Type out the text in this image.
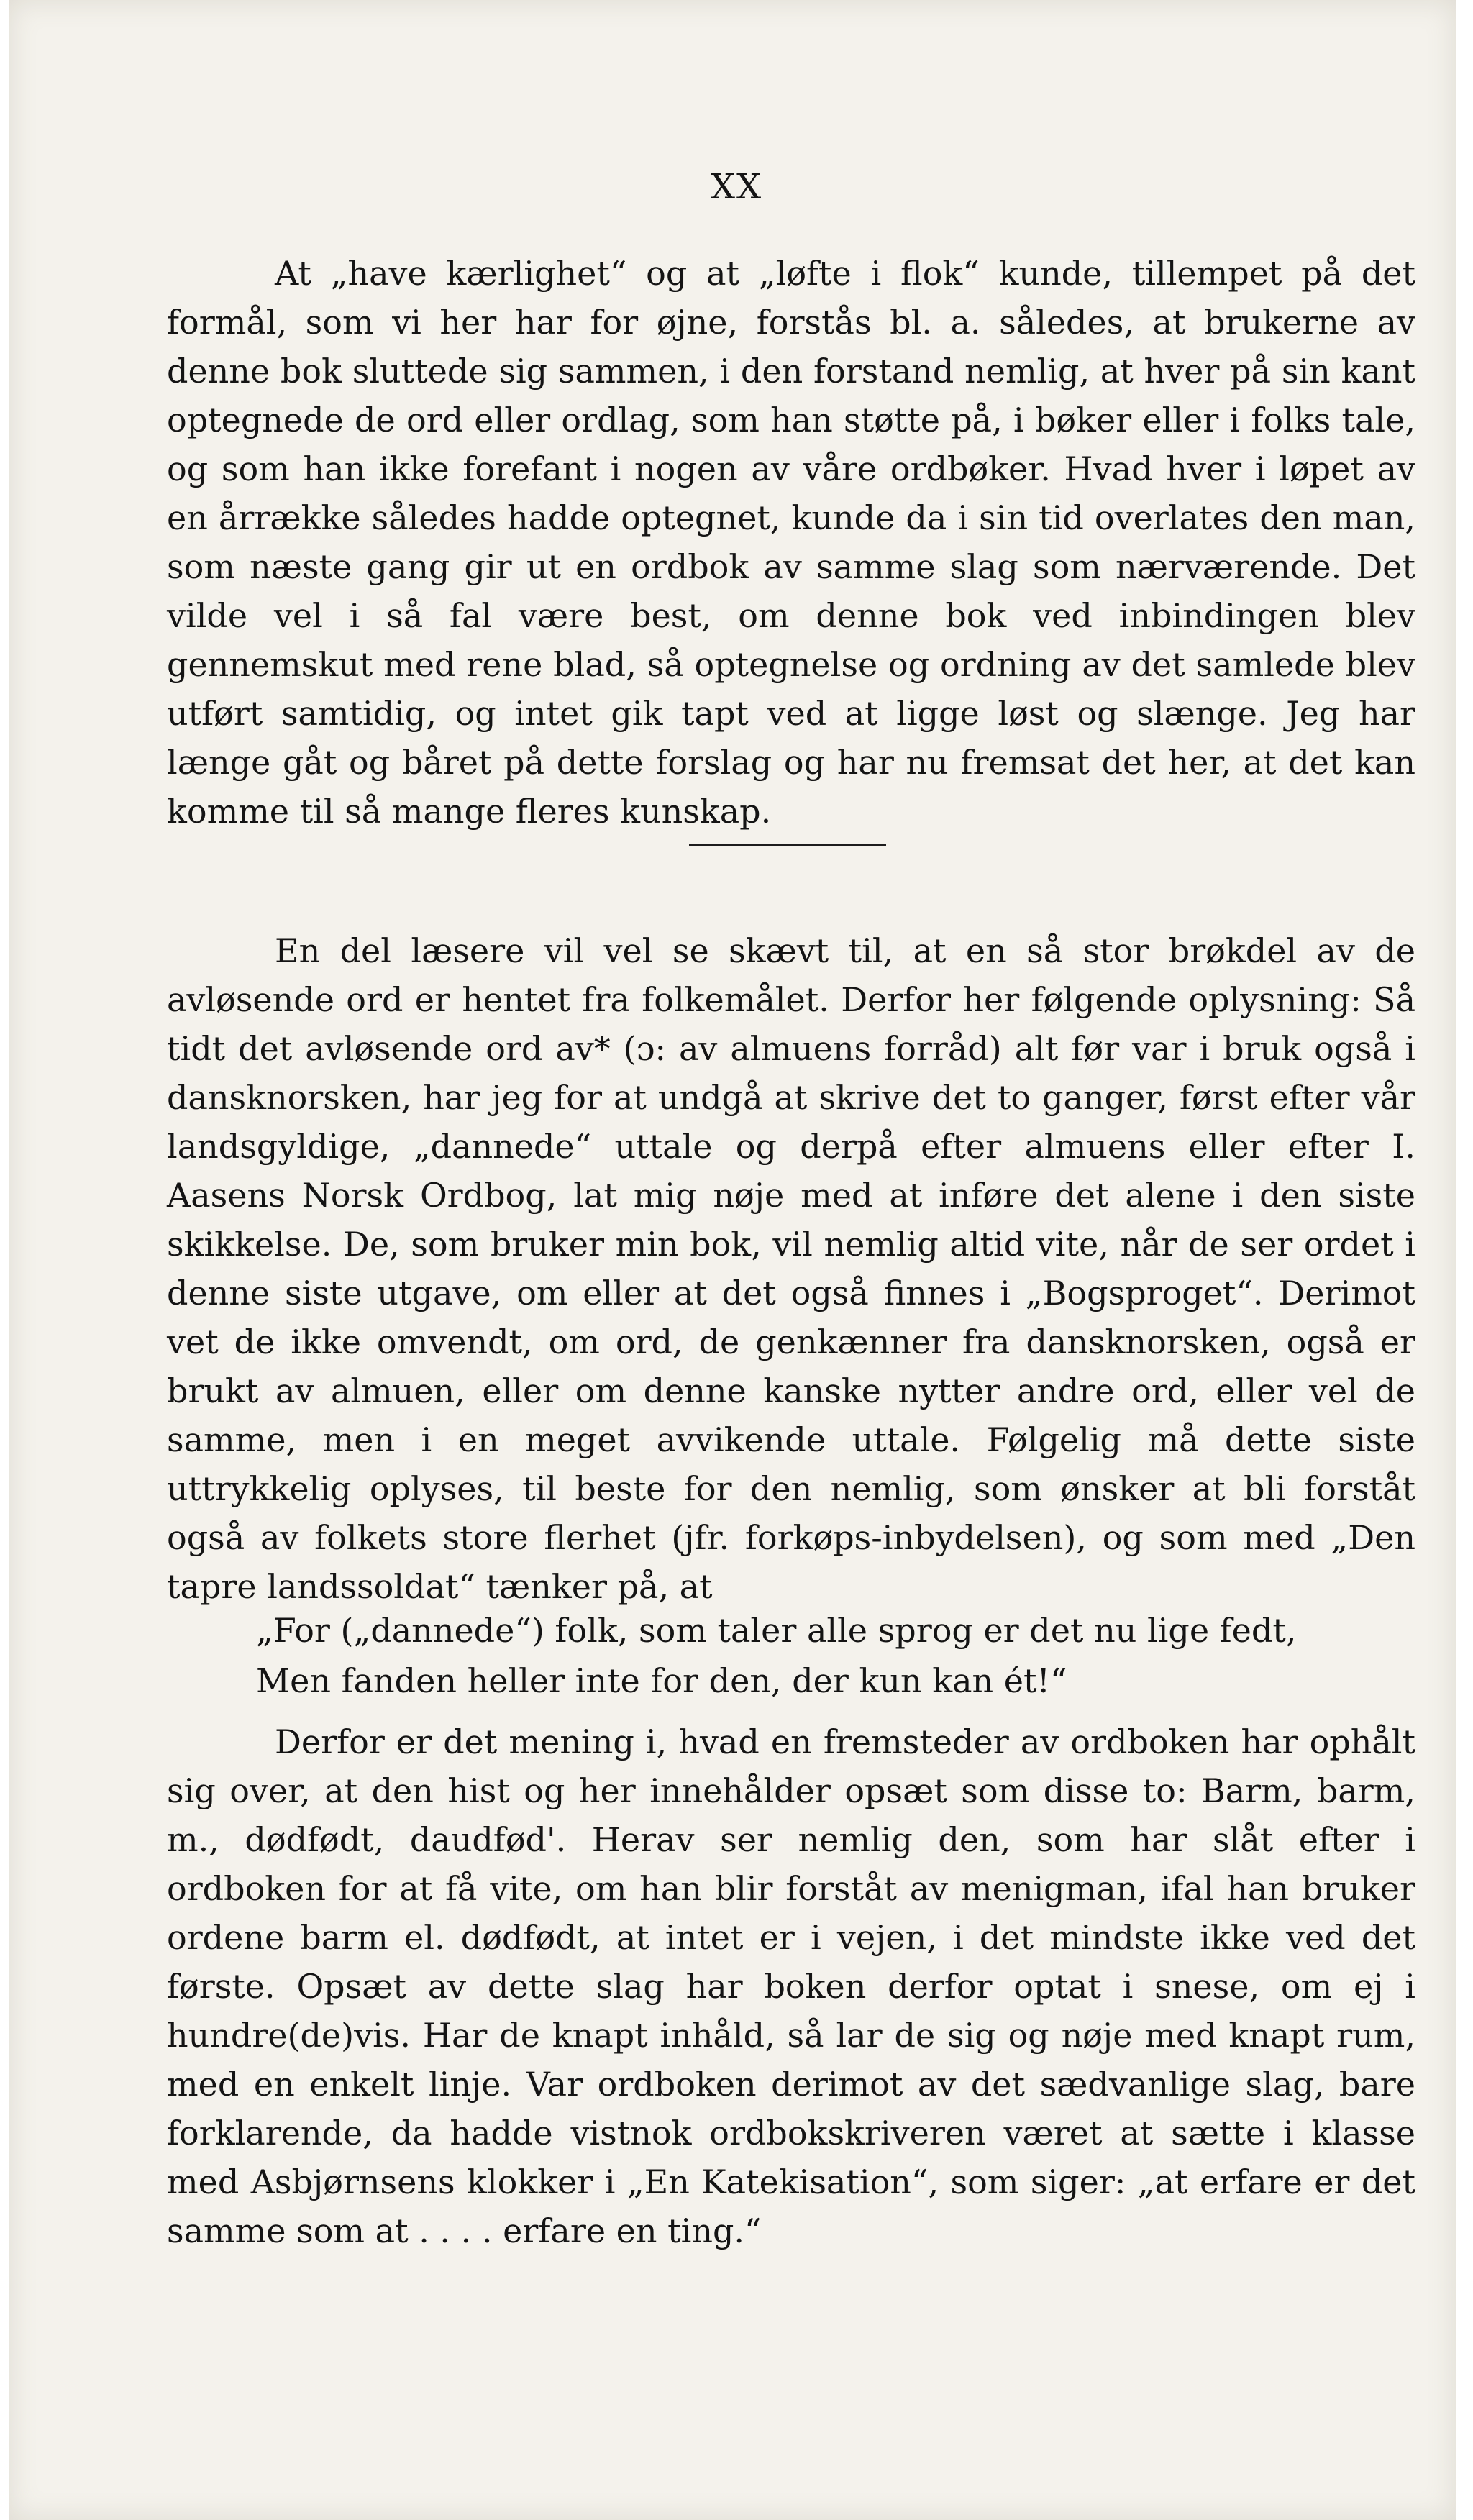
XX

At „have kærlighet“ og at „løfte i flok“ kunde, tillempet på det formål, som vi her har for øjne, forstås bl. a. således, at brukerne av denne bok sluttede sig sammen, i den forstand nemlig, at hver på sin kant optegnede de ord eller ordlag, som han støtte på, i bøker eller i folks tale, og som han ikke forefant i nogen av våre ordbøker. Hvad hver i løpet av en årrække således hadde optegnet, kunde da i sin tid overlates den man, som næste gang gir ut en ordbok av samme slag som nærværende. Det vilde vel i så fal være best, om denne bok ved inbindingen blev gennemskut med rene blad, så optegnelse og ordning av det samlede blev utført samtidig, og intet gik tapt ved at ligge løst og slænge. Jeg har længe gåt og båret på dette forslag og har nu fremsat det her, at det kan komme til så mange fleres kunskap.

En del læsere vil vel se skævt til, at en så stor brøkdel av de avløsende ord er hentet fra folkemålet. Derfor her følgende oplysning: Så tidt det avløsende ord av* (ɔ: av almuens forråd) alt før var i bruk også i dansknorsken, har jeg for at undgå at skrive det to ganger, først efter vår landsgyldige, „dannede“ uttale og derpå efter almuens eller efter I. Aasens Norsk Ordbog, lat mig nøje med at inføre det alene i den siste skikkelse. De, som bruker min bok, vil nemlig altid vite, når de ser ordet i denne siste utgave, om eller at det også finnes i „Bogsproget“. Derimot vet de ikke omvendt, om ord, de genkænner fra dansknorsken, også er brukt av almuen, eller om denne kanske nytter andre ord, eller vel de samme, men i en meget avvikende uttale. Følgelig må dette siste uttrykkelig oplyses, til beste for den nemlig, som ønsker at bli forståt også av folkets store flerhet (jfr. forkøps-inbydelsen), og som med „Den tapre landssoldat“ tænker på, at

„For („dannede“) folk, som taler alle sprog er det nu lige fedt,
Men fanden heller inte for den, der kun kan ét!“

Derfor er det mening i, hvad en fremsteder av ordboken har ophålt sig over, at den hist og her innehålder opsæt som disse to: Barm, barm, m., dødfødt, daudfød'. Herav ser nemlig den, som har slåt efter i ordboken for at få vite, om han blir forståt av menigman, ifal han bruker ordene barm el. dødfødt, at intet er i vejen, i det mindste ikke ved det første. Opsæt av dette slag har boken derfor optat i snese, om ej i hundre(de)vis. Har de knapt inhåld, så lar de sig og nøje med knapt rum, med en enkelt linje. Var ordboken derimot av det sædvanlige slag, bare forklarende, da hadde vistnok ordbokskriveren været at sætte i klasse med Asbjørnsens klokker i „En Katekisation“, som siger: „at erfare er det samme som at . . . . erfare en ting.“
